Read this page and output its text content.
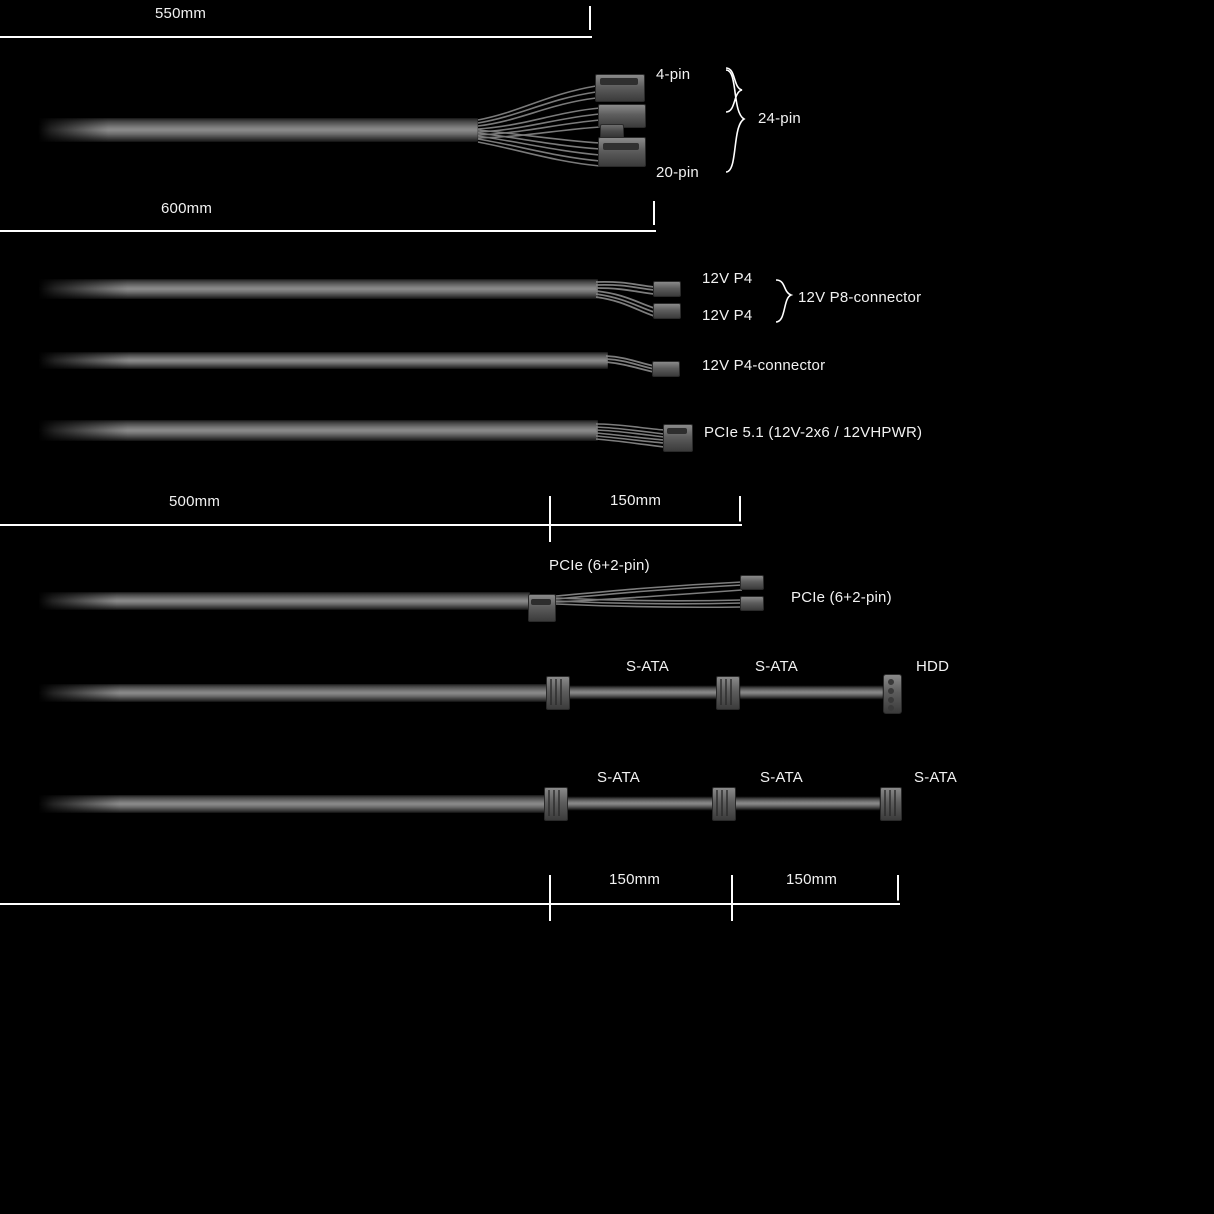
550mm
4-pin
20-pin
24-pin
600mm
12V P4
12V P4
12V P8-connector
12V P4-connector
PCIe 5.1 (12V-2x6 / 12VHPWR)
500mm	150mm
PCIe (6+2-pin)
PCIe (6+2-pin)
S-ATA	S-ATA	HDD
S-ATA	S-ATA	S-ATA
150mm	150mm
